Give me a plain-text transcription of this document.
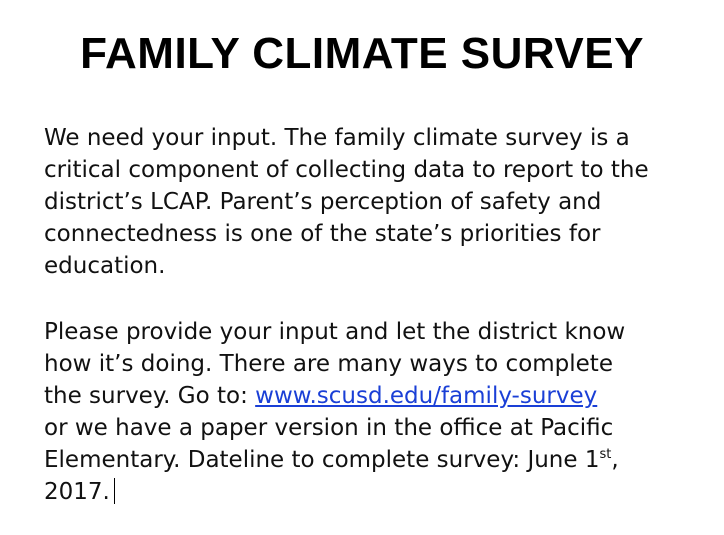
FAMILY CLIMATE SURVEY
We need your input. The family climate survey is a
critical component of collecting data to report to the
district’s LCAP. Parent’s perception of safety and
connectedness is one of the state’s priorities for
education.
Please provide your input and let the district know
how it’s doing. There are many ways to complete
the survey. Go to: www.scusd.edu/family-survey
or we have a paper version in the office at Pacific
Elementary. Dateline to complete survey: June 1st,
2017.
